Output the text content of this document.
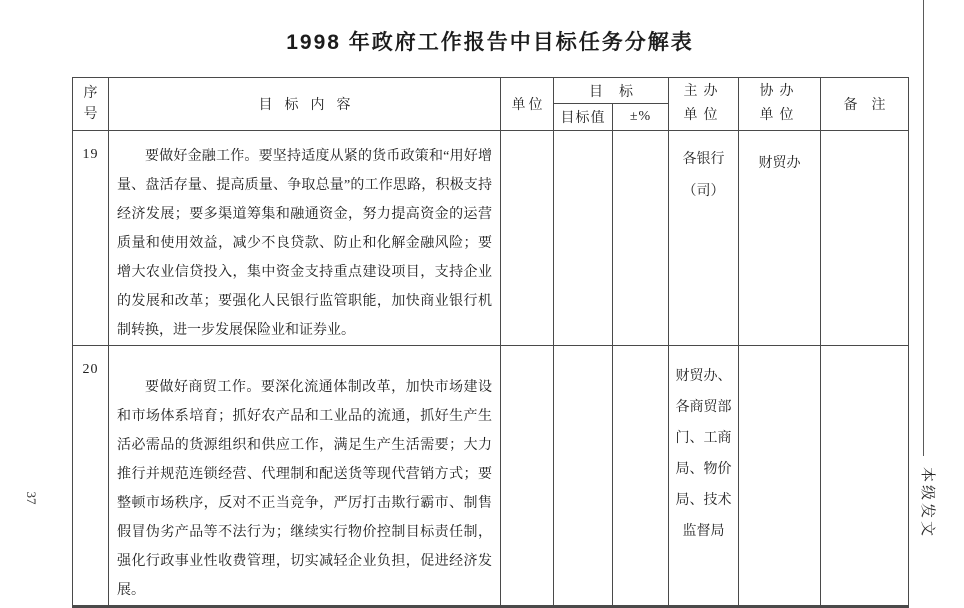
1998 年政府工作报告中目标任务分解表
序号	目标内容	单位	目标		主办单位	协办单位	备注
			目标值	±%			
19	要做好金融工作。要坚持适度从紧的货币政策和“用好增量、盘活存量、提高质量、争取总量”的工作思路，积极支持经济发展；要多渠道筹集和融通资金，努力提高资金的运营质量和使用效益，减少不良贷款、防止和化解金融风险；要增大农业信贷投入，集中资金支持重点建设项目，支持企业的发展和改革；要强化人民银行监管职能，加快商业银行机制转换，进一步发展保险业和证券业。				各银行（司）	财贸办	
20	要做好商贸工作。要深化流通体制改革，加快市场建设和市场体系培育；抓好农产品和工业品的流通，抓好生产生活必需品的货源组织和供应工作，满足生产生活需要；大力推行并规范连锁经营、代理制和配送货等现代营销方式；要整顿市场秩序，反对不正当竞争，严厉打击欺行霸市、制售假冒伪劣产品等不法行为；继续实行物价控制目标责任制，强化行政事业性收费管理，切实减轻企业负担，促进经济发展。				财贸办、各商贸部门、工商局、物价局、技术监督局			本级发文
37
